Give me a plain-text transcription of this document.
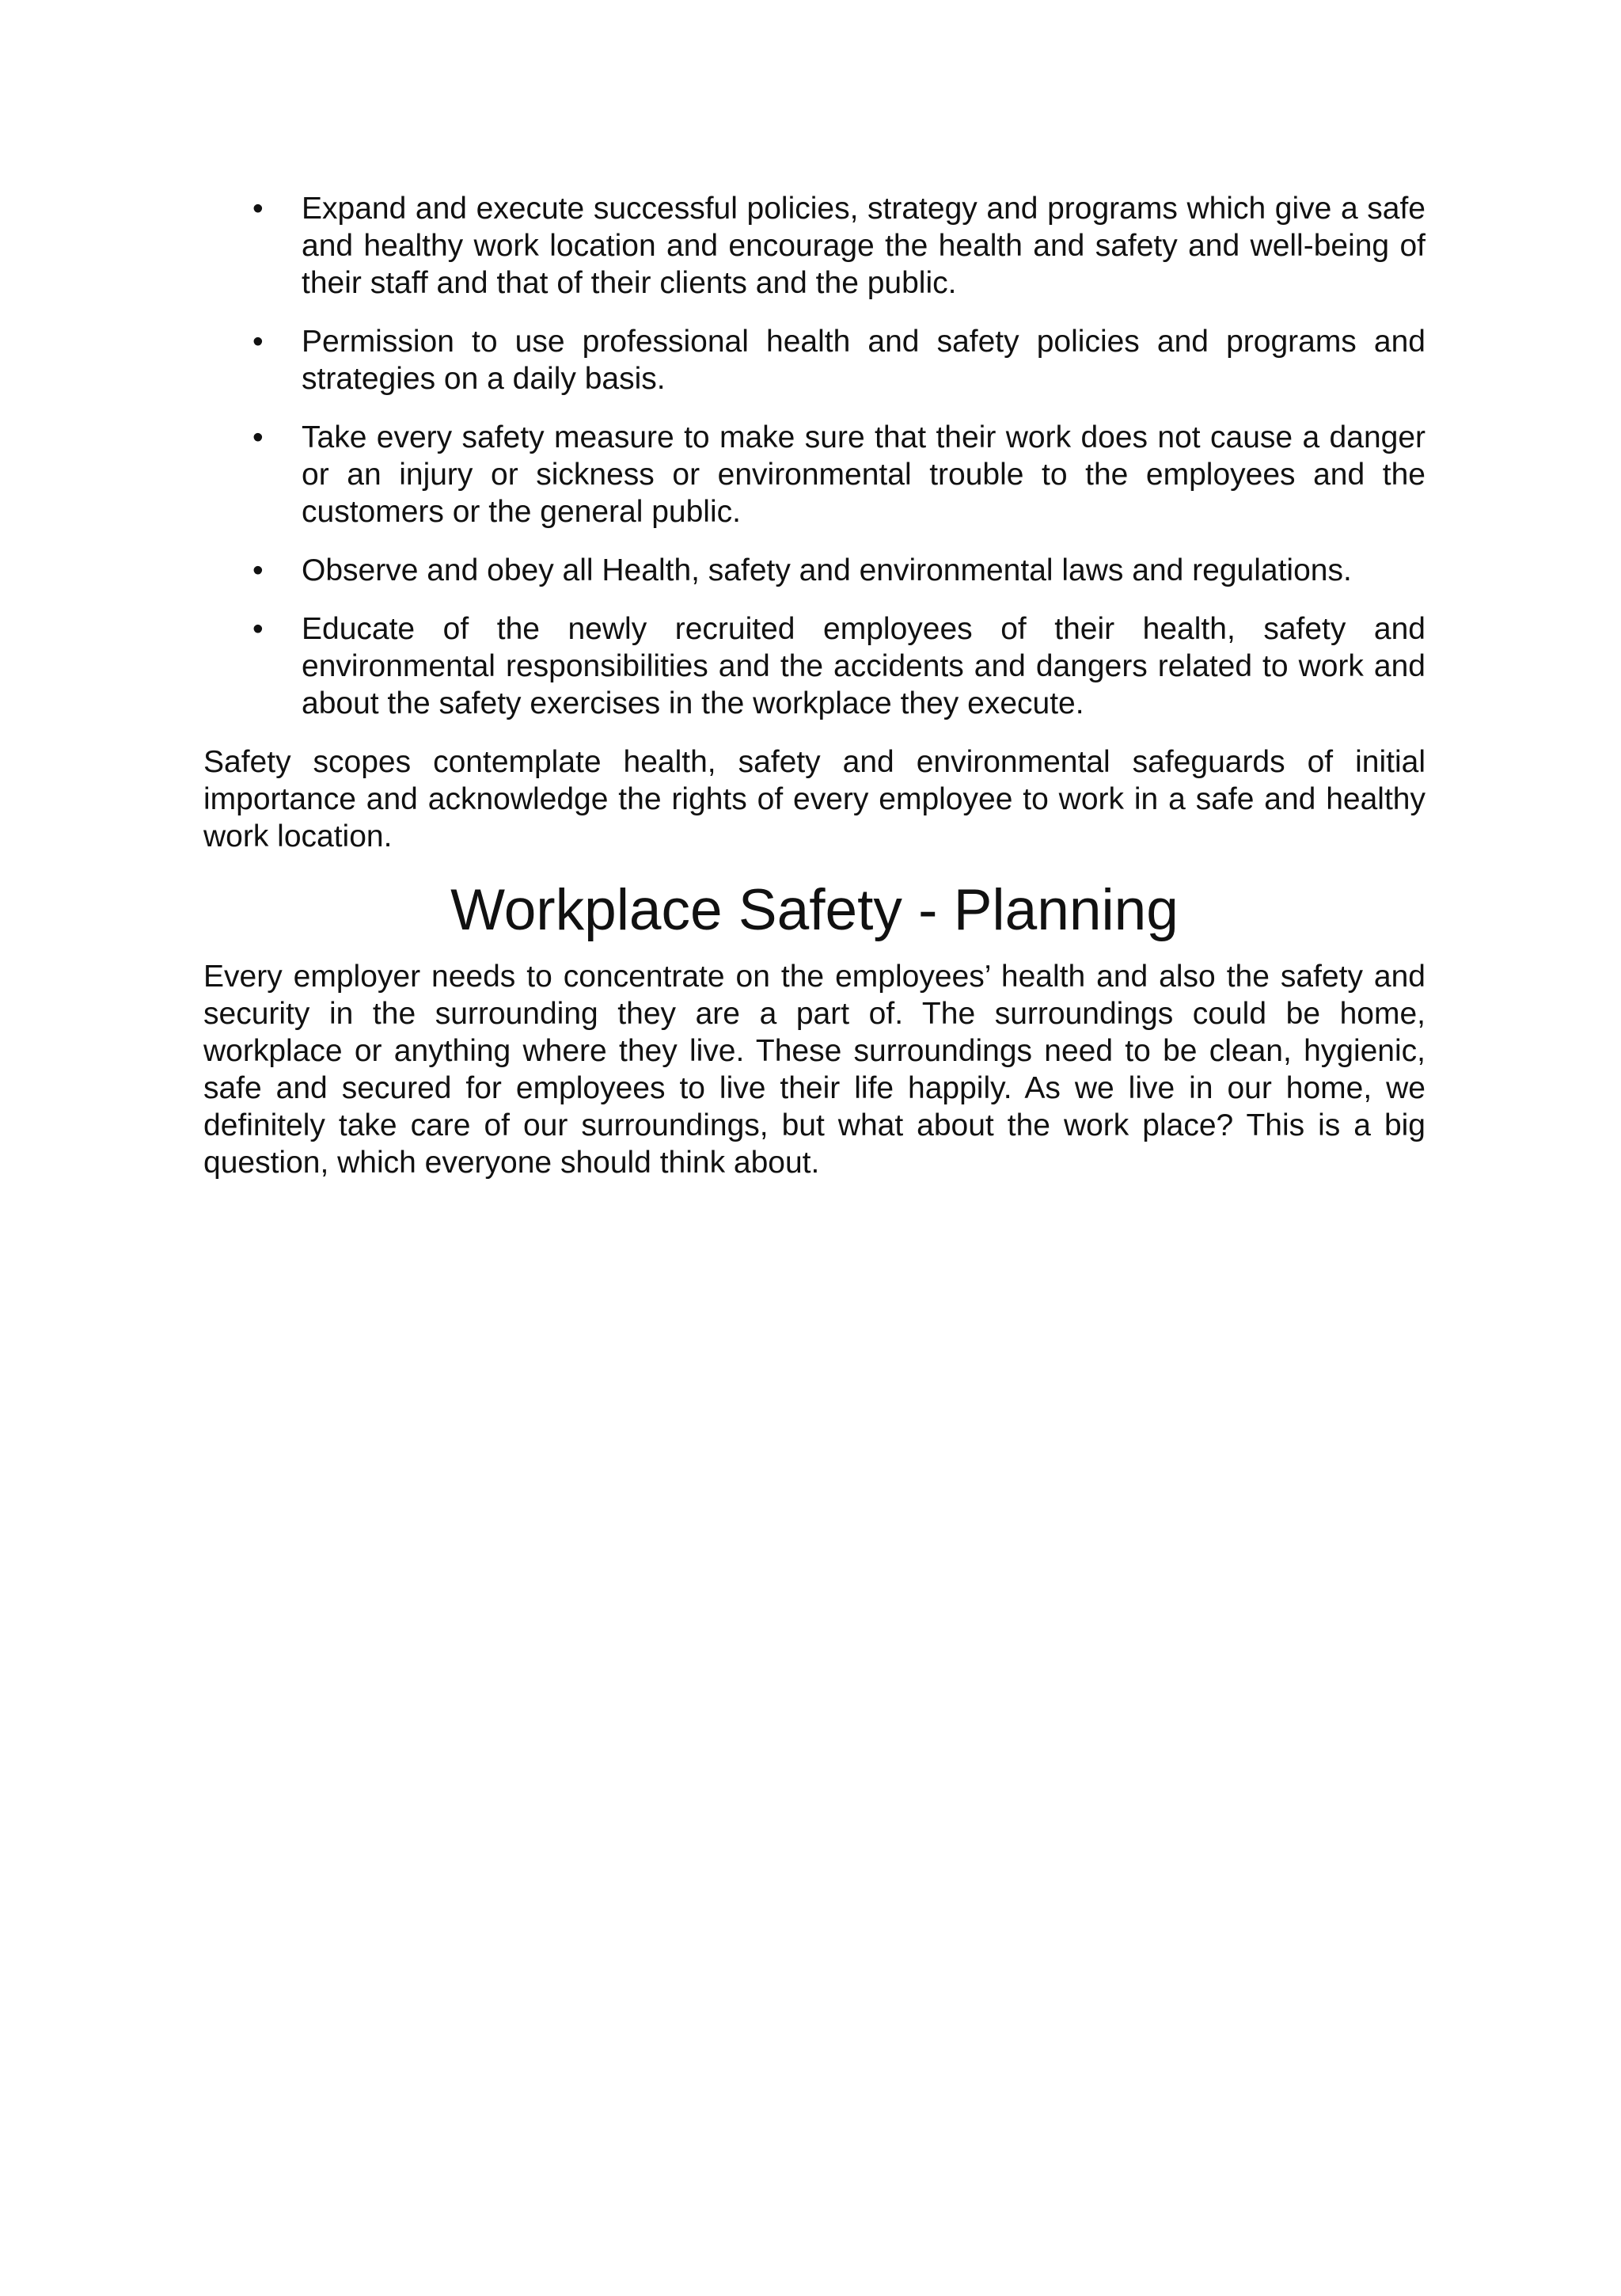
• Expand and execute successful policies, strategy and programs which give a safe and healthy work location and encourage the health and safety and well-being of their staff and that of their clients and the public.
• Permission to use professional health and safety policies and programs and strategies on a daily basis.
• Take every safety measure to make sure that their work does not cause a danger or an injury or sickness or environmental trouble to the employees and the customers or the general public.
• Observe and obey all Health, safety and environmental laws and regulations.
• Educate of the newly recruited employees of their health, safety and environmental responsibilities and the accidents and dangers related to work and about the safety exercises in the workplace they execute.

Safety scopes contemplate health, safety and environmental safeguards of initial importance and acknowledge the rights of every employee to work in a safe and healthy work location.

Workplace Safety - Planning

Every employer needs to concentrate on the employees’ health and also the safety and security in the surrounding they are a part of. The surroundings could be home, workplace or anything where they live. These surroundings need to be clean, hygienic, safe and secured for employees to live their life happily. As we live in our home, we definitely take care of our surroundings, but what about the work place? This is a big question, which everyone should think about.
